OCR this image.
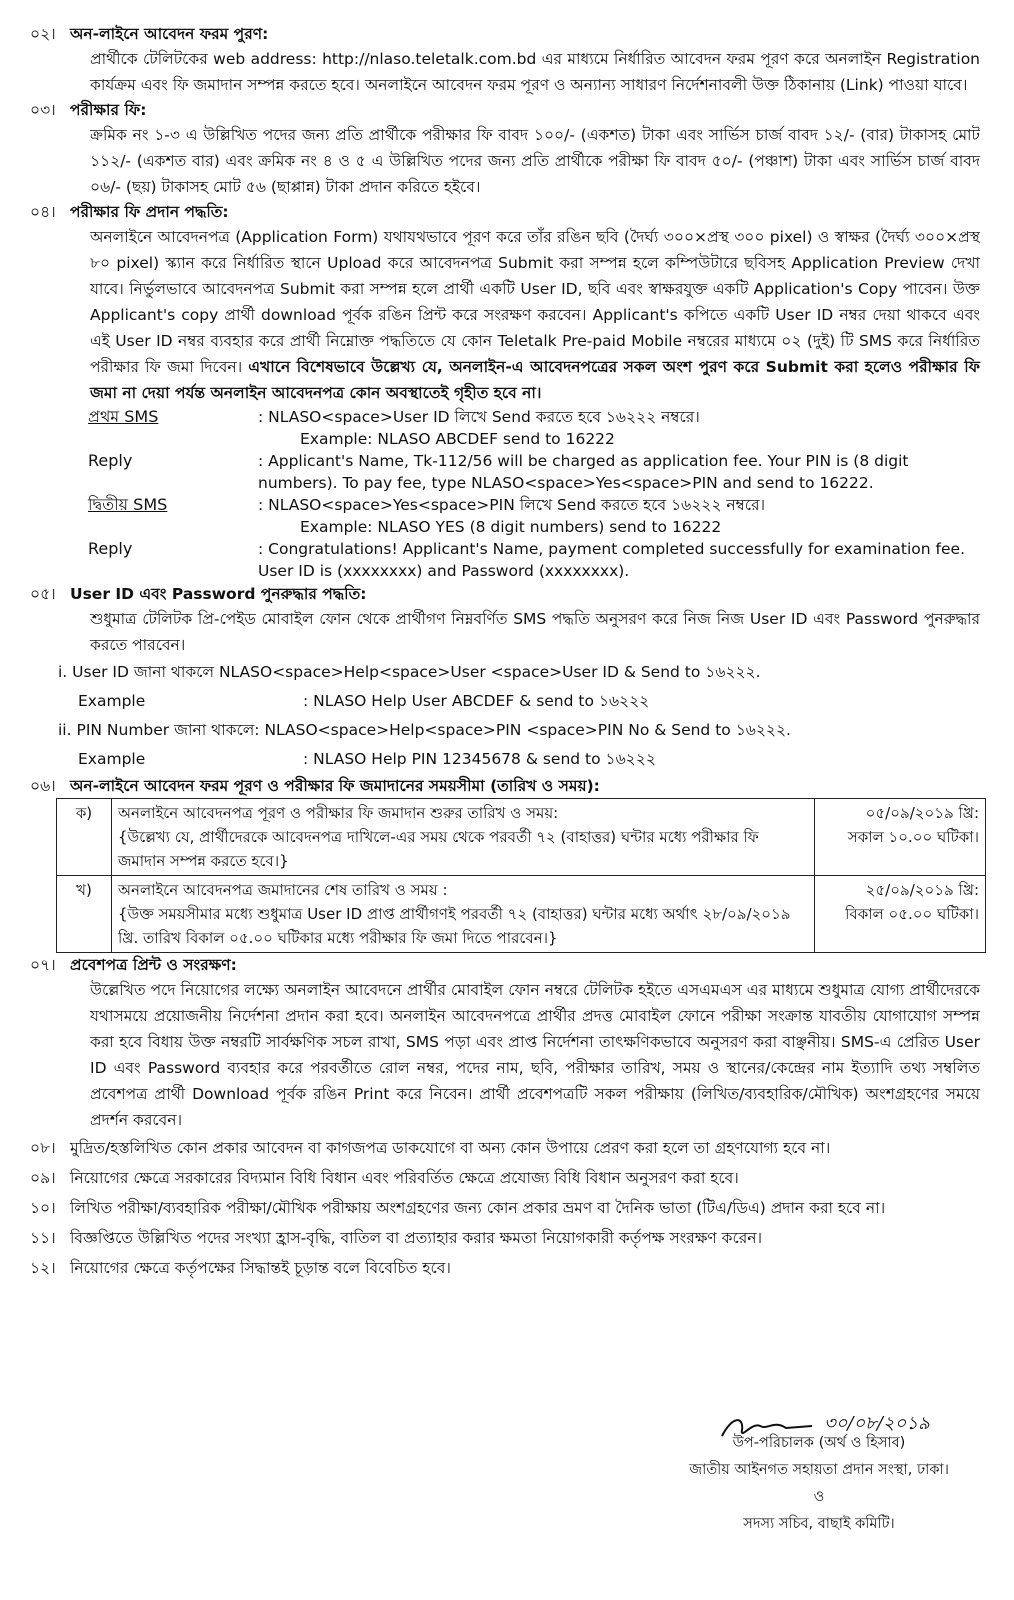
০২। অন-লাইনে আবেদন ফরম পুরণ:
প্রার্থীকে টেলিটকের web address: http://nlaso.teletalk.com.bd এর মাধ্যমে নির্ধারিত আবেদন ফরম পূরণ করে অনলাইন Registration কার্যক্রম এবং ফি জমাদান সম্পন্ন করতে হবে। অনলাইনে আবেদন ফরম পূরণ ও অন্যান্য সাধারণ নির্দেশনাবলী উক্ত ঠিকানায় (Link) পাওয়া যাবে।
০৩। পরীক্ষার ফি:
ক্রমিক নং ১-৩ এ উল্লিখিত পদের জন্য প্রতি প্রার্থীকে পরীক্ষার ফি বাবদ ১০০/- (একশত) টাকা এবং সার্ভিস চার্জ বাবদ ১২/- (বার) টাকাসহ মোট ১১২/- (একশত বার) এবং ক্রমিক নং ৪ ও ৫ এ উল্লিখিত পদের জন্য প্রতি প্রার্থীকে পরীক্ষা ফি বাবদ ৫০/- (পঞ্চাশ) টাকা এবং সার্ভিস চার্জ বাবদ ০৬/- (ছয়) টাকাসহ মোট ৫৬ (ছাপ্পান্ন) টাকা প্রদান করিতে হইবে।
০৪। পরীক্ষার ফি প্রদান পদ্ধতি:
অনলাইনে আবেদনপত্র (Application Form) যথাযথভাবে পূরণ করে তাঁর রঙিন ছবি (দৈর্ঘ্য ৩০০×প্রস্থ ৩০০ pixel) ও স্বাক্ষর (দৈর্ঘ্য ৩০০×প্রস্থ ৮০ pixel) স্ক্যান করে নির্ধারিত স্থানে Upload করে আবেদনপত্র Submit করা সম্পন্ন হলে কম্পিউটারে ছবিসহ Application Preview দেখা যাবে। নির্ভুলভাবে আবেদনপত্র Submit করা সম্পন্ন হলে প্রার্থী একটি User ID, ছবি এবং স্বাক্ষরযুক্ত একটি Application's Copy পাবেন। উক্ত Applicant's copy প্রার্থী download পূর্বক রঙিন প্রিন্ট করে সংরক্ষণ করবেন। Applicant's কপিতে একটি User ID নম্বর দেয়া থাকবে এবং এই User ID নম্বর ব্যবহার করে প্রার্থী নিম্নোক্ত পদ্ধতিতে যে কোন Teletalk Pre-paid Mobile নম্বরের মাধ্যমে ০২ (দুই) টি SMS করে নির্ধারিত পরীক্ষার ফি জমা দিবেন। এখানে বিশেষভাবে উল্লেখ্য যে, অনলাইন-এ আবেদনপত্রের সকল অংশ পুরণ করে Submit করা হলেও পরীক্ষার ফি জমা না দেয়া পর্যন্ত অনলাইন আবেদনপত্র কোন অবস্থাতেই গৃহীত হবে না।
প্রথম SMS	: NLASO<space>User ID লিখে Send করতে হবে ১৬২২২ নম্বরে।
Example: NLASO ABCDEF send to 16222
Reply	: Applicant's Name, Tk-112/56 will be charged as application fee. Your PIN is (8 digit numbers). To pay fee, type NLASO<space>Yes<space>PIN and send to 16222.
দ্বিতীয় SMS	: NLASO<space>Yes<space>PIN লিখে Send করতে হবে ১৬২২২ নম্বরে।
Example: NLASO YES (8 digit numbers) send to 16222
Reply	: Congratulations! Applicant's Name, payment completed successfully for examination fee. User ID is (xxxxxxxx) and Password (xxxxxxxx).
০৫। User ID এবং Password পুনরুদ্ধার পদ্ধতি:
শুধুমাত্র টেলিটক প্রি-পেইড মোবাইল ফোন থেকে প্রার্থীগণ নিম্নবর্ণিত SMS পদ্ধতি অনুসরণ করে নিজ নিজ User ID এবং Password পুনরুদ্ধার করতে পারবেন।
i. User ID জানা থাকলে NLASO<space>Help<space>User <space>User ID & Send to ১৬২২২.
Example	: NLASO Help User ABCDEF & send to ১৬২২২
ii. PIN Number জানা থাকলে: NLASO<space>Help<space>PIN <space>PIN No & Send to ১৬২২২.
Example	: NLASO Help PIN 12345678 & send to ১৬২২২
০৬। অন-লাইনে আবেদন ফরম পূরণ ও পরীক্ষার ফি জমাদানের সময়সীমা (তারিখ ও সময়):
ক)	অনলাইনে আবেদনপত্র পূরণ ও পরীক্ষার ফি জমাদান শুরুর তারিখ ও সময়:
{উল্লেখ্য যে, প্রার্থীদেরকে আবেদনপত্র দাখিলে-এর সময় থেকে পরবর্তী ৭২ (বাহাত্তর) ঘন্টার মধ্যে পরীক্ষার ফি জমাদান সম্পন্ন করতে হবে।}	০৫/০৯/২০১৯ খ্রি:
সকাল ১০.০০ ঘটিকা।
খ)	অনলাইনে আবেদনপত্র জমাদানের শেষ তারিখ ও সময় :
{উক্ত সময়সীমার মধ্যে শুধুমাত্র User ID প্রাপ্ত প্রার্থীগণই পরবর্তী ৭২ (বাহাত্তর) ঘন্টার মধ্যে অর্থাৎ ২৮/০৯/২০১৯ খ্রি. তারিখ বিকাল ০৫.০০ ঘটিকার মধ্যে পরীক্ষার ফি জমা দিতে পারবেন।}	২৫/০৯/২০১৯ খ্রি:
বিকাল ০৫.০০ ঘটিকা।
০৭। প্রবেশপত্র প্রিন্ট ও সংরক্ষণ:
উল্লেখিত পদে নিয়োগের লক্ষ্যে অনলাইন আবেদনে প্রার্থীর মোবাইল ফোন নম্বরে টেলিটক হইতে এসএমএস এর মাধ্যমে শুধুমাত্র যোগ্য প্রার্থীদেরকে যথাসময়ে প্রয়োজনীয় নির্দেশনা প্রদান করা হবে। অনলাইন আবেদনপত্রে প্রার্থীর প্রদত্ত মোবাইল ফোনে পরীক্ষা সংক্রান্ত যাবতীয় যোগাযোগ সম্পন্ন করা হবে বিধায় উক্ত নম্বরটি সার্বক্ষণিক সচল রাখা, SMS পড়া এবং প্রাপ্ত নির্দেশনা তাৎক্ষণিকভাবে অনুসরণ করা বাঞ্ছনীয়। SMS-এ প্রেরিত User ID এবং Password ব্যবহার করে পরবর্তীতে রোল নম্বর, পদের নাম, ছবি, পরীক্ষার তারিখ, সময় ও স্থানের/কেন্দ্রের নাম ইত্যাদি তথ্য সম্বলিত প্রবেশপত্র প্রার্থী Download পূর্বক রঙিন Print করে নিবেন। প্রার্থী প্রবেশপত্রটি সকল পরীক্ষায় (লিখিত/ব্যবহারিক/মৌখিক) অংশগ্রহণের সময়ে প্রদর্শন করবেন।
০৮। মুদ্রিত/হস্তলিখিত কোন প্রকার আবেদন বা কাগজপত্র ডাকযোগে বা অন্য কোন উপায়ে প্রেরণ করা হলে তা গ্রহণযোগ্য হবে না।
০৯। নিয়োগের ক্ষেত্রে সরকারের বিদ্যমান বিধি বিধান এবং পরিবর্তিত ক্ষেত্রে প্রযোজ্য বিধি বিধান অনুসরণ করা হবে।
১০। লিখিত পরীক্ষা/ব্যবহারিক পরীক্ষা/মৌখিক পরীক্ষায় অংশগ্রহণের জন্য কোন প্রকার ভ্রমণ বা দৈনিক ভাতা (টিএ/ডিএ) প্রদান করা হবে না।
১১। বিজ্ঞপ্তিতে উল্লিখিত পদের সংখ্যা হ্রাস-বৃদ্ধি, বাতিল বা প্রত্যাহার করার ক্ষমতা নিয়োগকারী কর্তৃপক্ষ সংরক্ষণ করেন।
১২। নিয়োগের ক্ষেত্রে কর্তৃপক্ষের সিদ্ধান্তই চূড়ান্ত বলে বিবেচিত হবে।
৩০/০৮/২০১৯
উপ-পরিচালক (অর্থ ও হিসাব)
জাতীয় আইনগত সহায়তা প্রদান সংস্থা, ঢাকা।
ও
সদস্য সচিব, বাছাই কমিটি।
